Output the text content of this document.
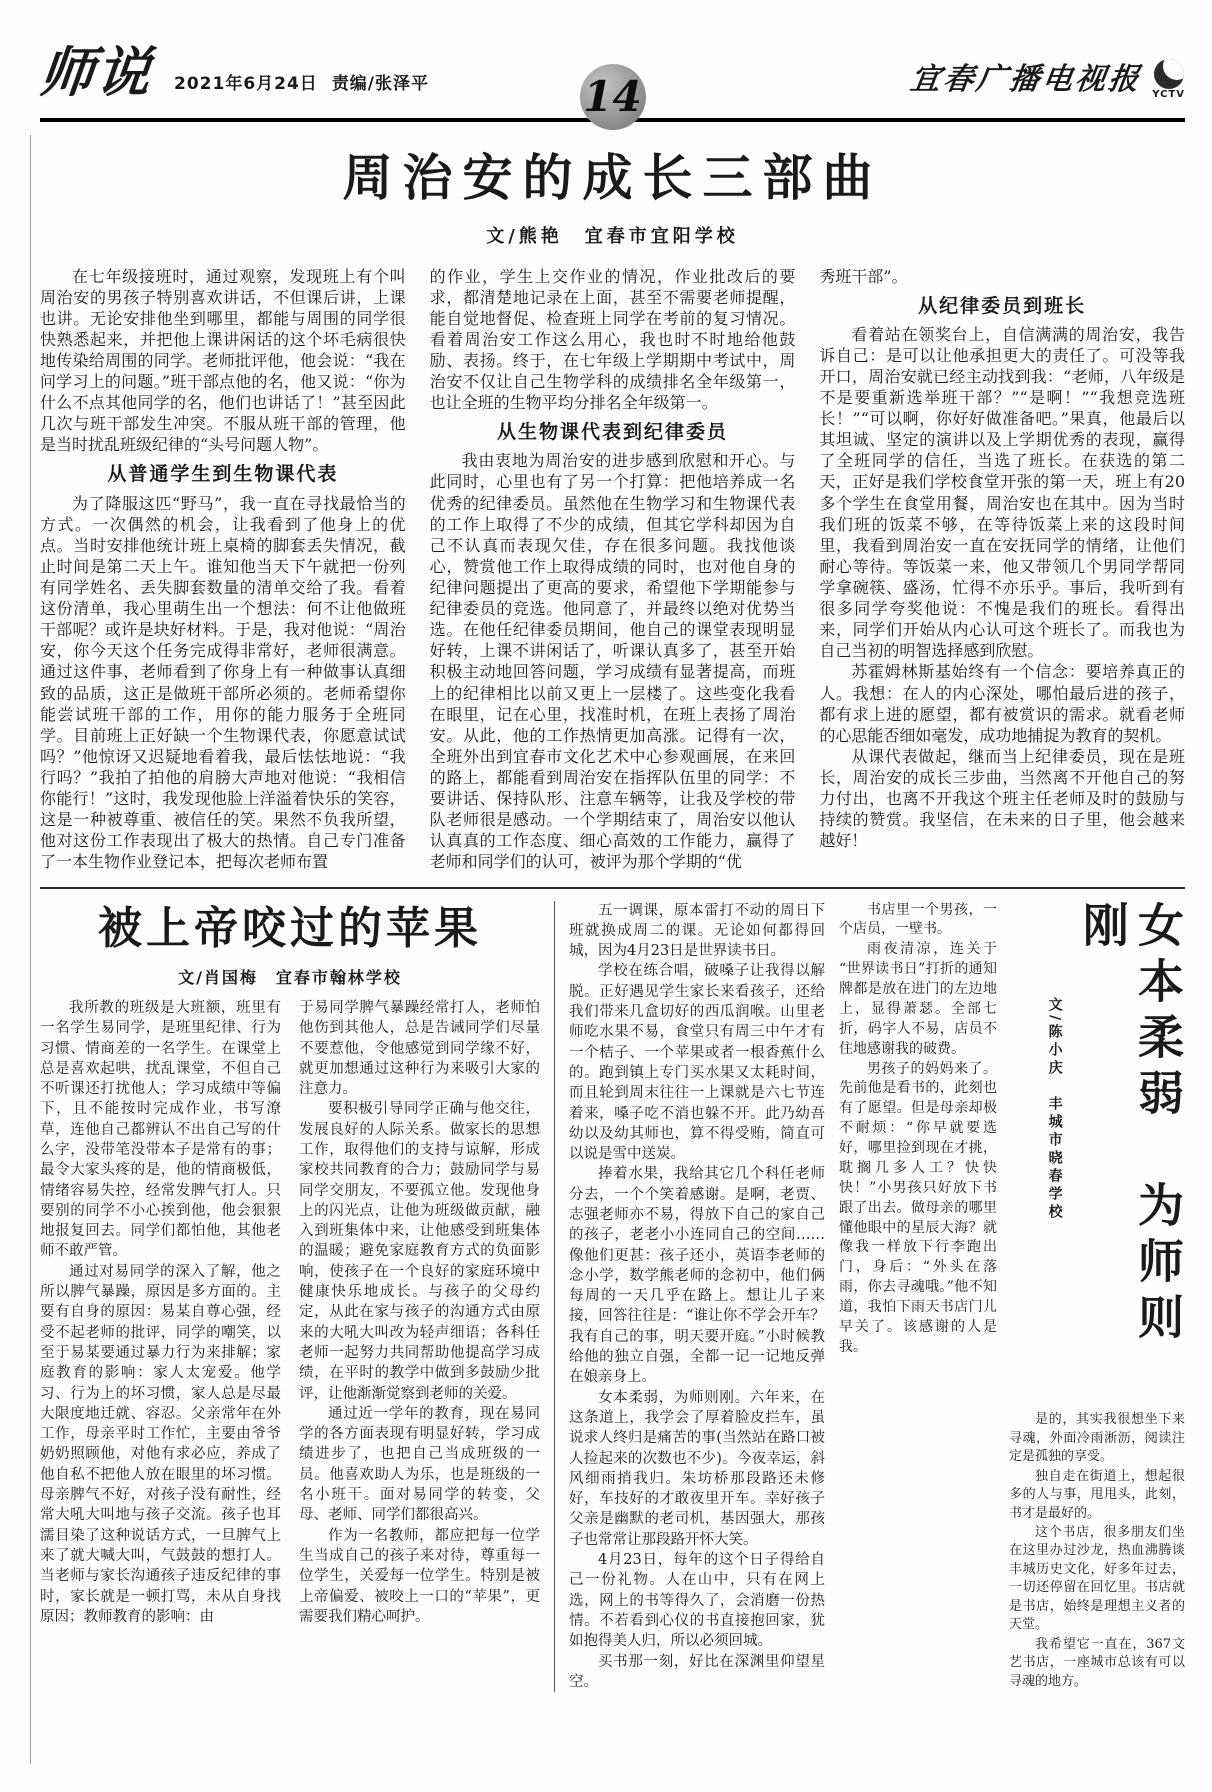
师说 2021年6月24日 责编/张泽平	宜春广播电视报 YCTV
14
周治安的成长三部曲
文/熊艳　宜春市宜阳学校

在七年级接班时，通过观察，发现班上有个叫周治安的男孩子特别喜欢讲话，不但课后讲，上课也讲。无论安排他坐到哪里，都能与周围的同学很快熟悉起来，并把他上课讲闲话的这个坏毛病很快地传染给周围的同学。老师批评他，他会说：“我在问学习上的问题。”班干部点他的名，他又说：“你为什么不点其他同学的名，他们也讲话了！”甚至因此几次与班干部发生冲突。不服从班干部的管理，他是当时扰乱班级纪律的“头号问题人物”。

从普通学生到生物课代表

为了降服这匹“野马”，我一直在寻找最恰当的方式。一次偶然的机会，让我看到了他身上的优点。当时安排他统计班上桌椅的脚套丢失情况，截止时间是第二天上午。谁知他当天下午就把一份列有同学姓名、丢失脚套数量的清单交给了我。看着这份清单，我心里萌生出一个想法：何不让他做班干部呢？或许是块好材料。于是，我对他说：“周治安，你今天这个任务完成得非常好，老师很满意。通过这件事，老师看到了你身上有一种做事认真细致的品质，这正是做班干部所必须的。老师希望你能尝试班干部的工作，用你的能力服务于全班同学。目前班上正好缺一个生物课代表，你愿意试试吗？”他惊讶又迟疑地看着我，最后怯怯地说：“我行吗？”我拍了拍他的肩膀大声地对他说：“我相信你能行！”这时，我发现他脸上洋溢着快乐的笑容，这是一种被尊重、被信任的笑。果然不负我所望，他对这份工作表现出了极大的热情。自己专门准备了一本生物作业登记本，把每次老师布置

的作业，学生上交作业的情况，作业批改后的要求，都清楚地记录在上面，甚至不需要老师提醒，能自觉地督促、检查班上同学在考前的复习情况。看着周治安工作这么用心，我也时不时地给他鼓励、表扬。终于，在七年级上学期期中考试中，周治安不仅让自己生物学科的成绩排名全年级第一，也让全班的生物平均分排名全年级第一。

从生物课代表到纪律委员

我由衷地为周治安的进步感到欣慰和开心。与此同时，心里也有了另一个打算：把他培养成一名优秀的纪律委员。虽然他在生物学习和生物课代表的工作上取得了不少的成绩，但其它学科却因为自己不认真而表现欠佳，存在很多问题。我找他谈心，赞赏他工作上取得成绩的同时，也对他自身的纪律问题提出了更高的要求，希望他下学期能参与纪律委员的竞选。他同意了，并最终以绝对优势当选。在他任纪律委员期间，他自己的课堂表现明显好转，上课不讲闲话了，听课认真多了，甚至开始积极主动地回答问题，学习成绩有显著提高，而班上的纪律相比以前又更上一层楼了。这些变化我看在眼里，记在心里，找准时机，在班上表扬了周治安。从此，他的工作热情更加高涨。记得有一次，全班外出到宜春市文化艺术中心参观画展，在来回的路上，都能看到周治安在指挥队伍里的同学：不要讲话、保持队形、注意车辆等，让我及学校的带队老师很是感动。一个学期结束了，周治安以他认认真真的工作态度、细心高效的工作能力，赢得了老师和同学们的认可，被评为那个学期的“优

秀班干部”。

从纪律委员到班长

看着站在领奖台上，自信满满的周治安，我告诉自己：是可以让他承担更大的责任了。可没等我开口，周治安就已经主动找到我：“老师，八年级是不是要重新选举班干部？”“是啊！”“我想竞选班长！”“可以啊，你好好做准备吧。”果真，他最后以其坦诚、坚定的演讲以及上学期优秀的表现，赢得了全班同学的信任，当选了班长。在获选的第二天，正好是我们学校食堂开张的第一天，班上有20多个学生在食堂用餐，周治安也在其中。因为当时我们班的饭菜不够，在等待饭菜上来的这段时间里，我看到周治安一直在安抚同学的情绪，让他们耐心等待。等饭菜一来，他又带领几个男同学帮同学拿碗筷、盛汤，忙得不亦乐乎。事后，我听到有很多同学夸奖他说：不愧是我们的班长。看得出来，同学们开始从内心认可这个班长了。而我也为自己当初的明智选择感到欣慰。

苏霍姆林斯基始终有一个信念：要培养真正的人。我想：在人的内心深处，哪怕最后进的孩子，都有求上进的愿望，都有被赏识的需求。就看老师的心思能否细如毫发，成功地捕捉为教育的契机。

从课代表做起，继而当上纪律委员，现在是班长，周治安的成长三步曲，当然离不开他自己的努力付出，也离不开我这个班主任老师及时的鼓励与持续的赞赏。我坚信，在未来的日子里，他会越来越好！

被上帝咬过的苹果
文/肖国梅　宜春市翰林学校

我所教的班级是大班额，班里有一名学生易同学，是班里纪律、行为习惯、情商差的一名学生。在课堂上总是喜欢起哄，扰乱课堂，不但自己不听课还打扰他人；学习成绩中等偏下，且不能按时完成作业，书写潦草，连他自己都辨认不出自己写的什么字，没带笔没带本子是常有的事；最令大家头疼的是，他的情商极低，情绪容易失控，经常发脾气打人。只要别的同学不小心挨到他，他会狠狠地报复回去。同学们都怕他，其他老师不敢严管。

通过对易同学的深入了解，他之所以脾气暴躁，原因是多方面的。主要有自身的原因：易某自尊心强，经受不起老师的批评，同学的嘲笑，以至于易某要通过暴力行为来排解；家庭教育的影响：家人太宠爱。他学习、行为上的坏习惯，家人总是尽最大限度地迁就、容忍。父亲常年在外工作，母亲平时工作忙，主要由爷爷奶奶照顾他，对他有求必应，养成了他自私不把他人放在眼里的坏习惯。母亲脾气不好，对孩子没有耐性，经常大吼大叫地与孩子交流。孩子也耳濡目染了这种说话方式，一旦脾气上来了就大喊大叫，气鼓鼓的想打人。当老师与家长沟通孩子违反纪律的事时，家长就是一顿打骂，未从自身找原因；教师教育的影响：由

于易同学脾气暴躁经常打人，老师怕他伤到其他人，总是告诫同学们尽量不要惹他，令他感觉到同学缘不好，就更加想通过这种行为来吸引大家的注意力。

要积极引导同学正确与他交往，发展良好的人际关系。做家长的思想工作，取得他们的支持与谅解，形成家校共同教育的合力；鼓励同学与易同学交朋友，不要孤立他。发现他身上的闪光点，让他为班级做贡献，融入到班集体中来，让他感受到班集体的温暖；避免家庭教育方式的负面影响，使孩子在一个良好的家庭环境中健康快乐地成长。与孩子的父母约定，从此在家与孩子的沟通方式由原来的大吼大叫改为轻声细语；各科任老师一起努力共同帮助他提高学习成绩，在平时的教学中做到多鼓励少批评，让他渐渐觉察到老师的关爱。

通过近一学年的教育，现在易同学的各方面表现有明显好转，学习成绩进步了，也把自己当成班级的一员。他喜欢助人为乐，也是班级的一名小班干。面对易同学的转变，父母、老师、同学们都很高兴。

作为一名教师，都应把每一位学生当成自己的孩子来对待，尊重每一位学生，关爱每一位学生。特别是被上帝偏爱、被咬上一口的“苹果”，更需要我们精心呵护。

五一调课，原本雷打不动的周日下班就换成周二的课。无论如何都得回城，因为4月23日是世界读书日。

学校在练合唱，破嗓子让我得以解脱。正好遇见学生家长来看孩子，还给我们带来几盒切好的西瓜润喉。山里老师吃水果不易，食堂只有周三中午才有一个桔子、一个苹果或者一根香蕉什么的。跑到镇上专门买水果又太耗时间，而且轮到周末往往一上课就是六七节连着来，嗓子吃不消也躲不开。此乃幼吾幼以及幼其师也，算不得受贿，简直可以说是雪中送炭。

捧着水果，我给其它几个科任老师分去，一个个笑着感谢。是啊，老贾、志强老师亦不易，得放下自己的家自己的孩子，老老小小连同自己的空间……像他们更甚：孩子还小，英语李老师的念小学，数学熊老师的念初中，他们俩每周的一天几乎在路上。想让儿子来接，回答往往是：“谁让你不学会开车？我有自己的事，明天要开庭。”小时候教给他的独立自强，全都一记一记地反弹在娘亲身上。

女本柔弱，为师则刚。六年来，在这条道上，我学会了厚着脸皮拦车，虽说求人终归是痛苦的事(当然站在路口被人捡起来的次数也不少)。今夜幸运，斜风细雨捎我归。朱坊桥那段路还未修好，车技好的才敢夜里开车。幸好孩子父亲是幽默的老司机，基因强大，那孩子也常常让那段路开怀大笑。

4月23日，每年的这个日子得给自己一份礼物。人在山中，只有在网上选，网上的书等得久了，会消磨一份热情。不若看到心仪的书直接抱回家，犹如抱得美人归，所以必须回城。

买书那一刻，好比在深渊里仰望星空。

书店里一个男孩，一个店员，一壁书。

雨夜清凉，连关于“世界读书日”打折的通知牌都是放在进门的左边地上，显得萧瑟。全部七折，码字人不易，店员不住地感谢我的破费。

男孩子的妈妈来了。先前他是看书的，此刻也有了愿望。但是母亲却极不耐烦：“你早就要选好，哪里捡到现在才挑，耽搁几多人工？快快快！”小男孩只好放下书跟了出去。做母亲的哪里懂他眼中的星辰大海？就像我一样放下行李跑出门，身后：“外头在落雨，你去寻魂哦。”他不知道，我怕下雨天书店门儿早关了。该感谢的人是我。

文/陈小庆　丰城市晓春学校	女本柔弱　为师则刚

是的，其实我很想坐下来寻魂，外面冷雨淅沥，阅读注定是孤独的享受。

独自走在街道上，想起很多的人与事，甩甩头，此刻，书才是最好的。

这个书店，很多朋友们坐在这里办过沙龙，热血沸腾谈丰城历史文化，好多年过去，一切还停留在回忆里。书店就是书店，始终是理想主义者的天堂。

我希望它一直在，367文艺书店，一座城市总该有可以寻魂的地方。
